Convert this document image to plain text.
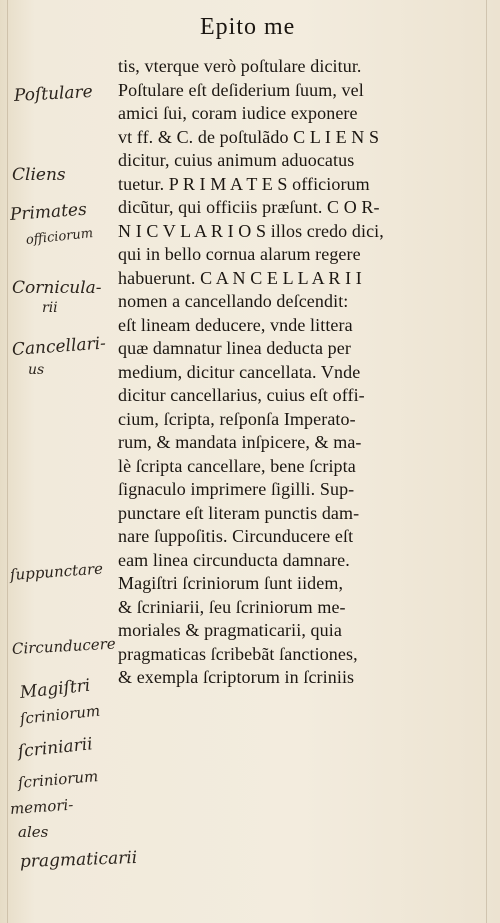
Epito me
tis, vterque verò poſtulare dicitur.
Poſtulare eſt deſiderium ſuum, vel
amici ſui, coram iudice exponere
vt ff. & C. de poſtulãdo C L I E N S
dicitur, cuius animum aduocatus
tuetur. P R I M A T E S officiorum
dicũtur, qui officiis præſunt. C O R-
N I C V L A R I O S illos credo dici,
qui in bello cornua alarum regere
habuerunt. C A N C E L L A R I I
nomen a cancellando deſcendit:
eſt lineam deducere, vnde littera
quæ damnatur linea deducta per
medium, dicitur cancellata. Vnde
dicitur cancellarius, cuius eſt offi-
cium, ſcripta, reſponſa Imperato-
rum, & mandata inſpicere, & ma-
lè ſcripta cancellare, bene ſcripta
ſignaculo imprimere ſigilli. Sup-
punctare eſt literam punctis dam-
nare ſuppoſitis. Circunducere eſt
eam linea circunducta damnare.
Magiſtri ſcriniorum ſunt iidem,
& ſcriniarii, ſeu ſcriniorum me-
moriales & pragmaticarii, quia
pragmaticas ſcribebãt ſanctiones,
& exempla ſcriptorum in ſcriniis
Poſtulare
Cliens
Primates
officiorum
Cornicula-
rii
Cancellari-
us
ſuppunctare
Circunducere
Magiſtri
ſcriniorum
ſcriniarii
ſcriniorum
memori-
ales
pragmaticarii
